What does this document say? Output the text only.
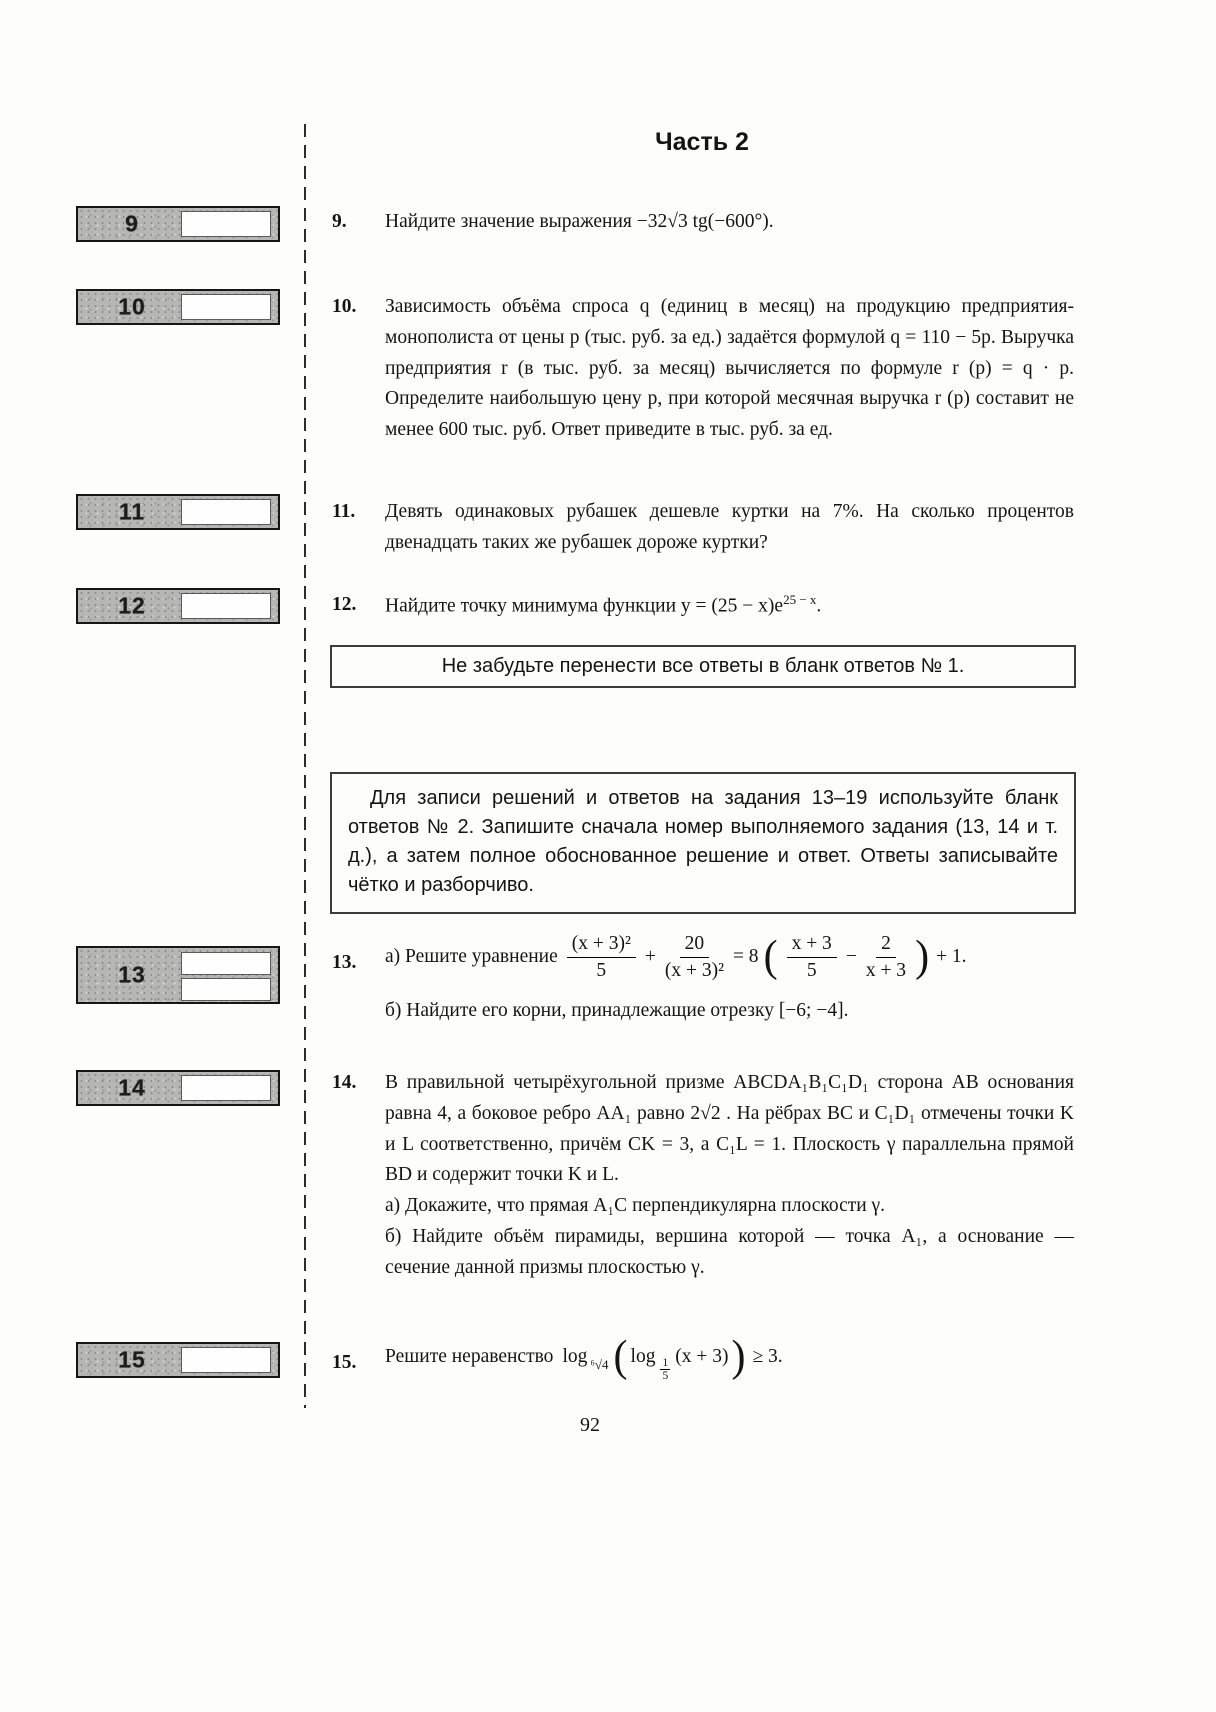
Часть 2
9
10
11
12
13
14
15
9.	Найдите значение выражения −32√3 tg(−600°).
10.	Зависимость объёма спроса q (единиц в месяц) на продукцию предприятия-монополиста от цены p (тыс. руб. за ед.) задаётся формулой q = 110 − 5p. Выручка предприятия r (в тыс. руб. за месяц) вычисляется по формуле r (p) = q · p. Определите наибольшую цену p, при которой месячная выручка r (p) составит не менее 600 тыс. руб. Ответ приведите в тыс. руб. за ед.
11.	Девять одинаковых рубашек дешевле куртки на 7%. На сколько процентов двенадцать таких же рубашек дороже куртки?
12.	Найдите точку минимума функции $y = (25 - x)e^{25 - x}$.
Не забудьте перенести все ответы в бланк ответов № 1.

Для записи решений и ответов на задания 13–19 используйте бланк ответов № 2. Запишите сначала номер выполняемого задания (13, 14 и т. д.), а затем полное обоснованное решение и ответ. Ответы записывайте чётко и разборчиво.

13.	а) Решите уравнение $\frac{\text{(x + 3)²}}{5} + \frac{20}{\text{(x + 3)²}} = 8$ ( $\frac{x + 3}{5} - \frac{2}{x + 3}$ ) + 1.
б) Найдите его корни, принадлежащие отрезку [−6; −4].
14.	В правильной четырёхугольной призме ABCDA₁B₁C₁D₁ сторона AB основания равна 4, а боковое ребро AA₁ равно 2√2 . На рёбрах BC и C₁D₁ отмечены точки K и L соответственно, причём CK = 3, а C₁L = 1. Плоскость γ параллельна прямой BD и содержит точки K и L.
а) Докажите, что прямая A₁C перпендикулярна плоскости γ.
б) Найдите объём пирамиды, вершина которой — точка A₁, а основание — сечение данной призмы плоскостью γ.
15.	Решите неравенство log ⁶√4 ( log 1
5
(x + 3) ) ≥ 3.
92
